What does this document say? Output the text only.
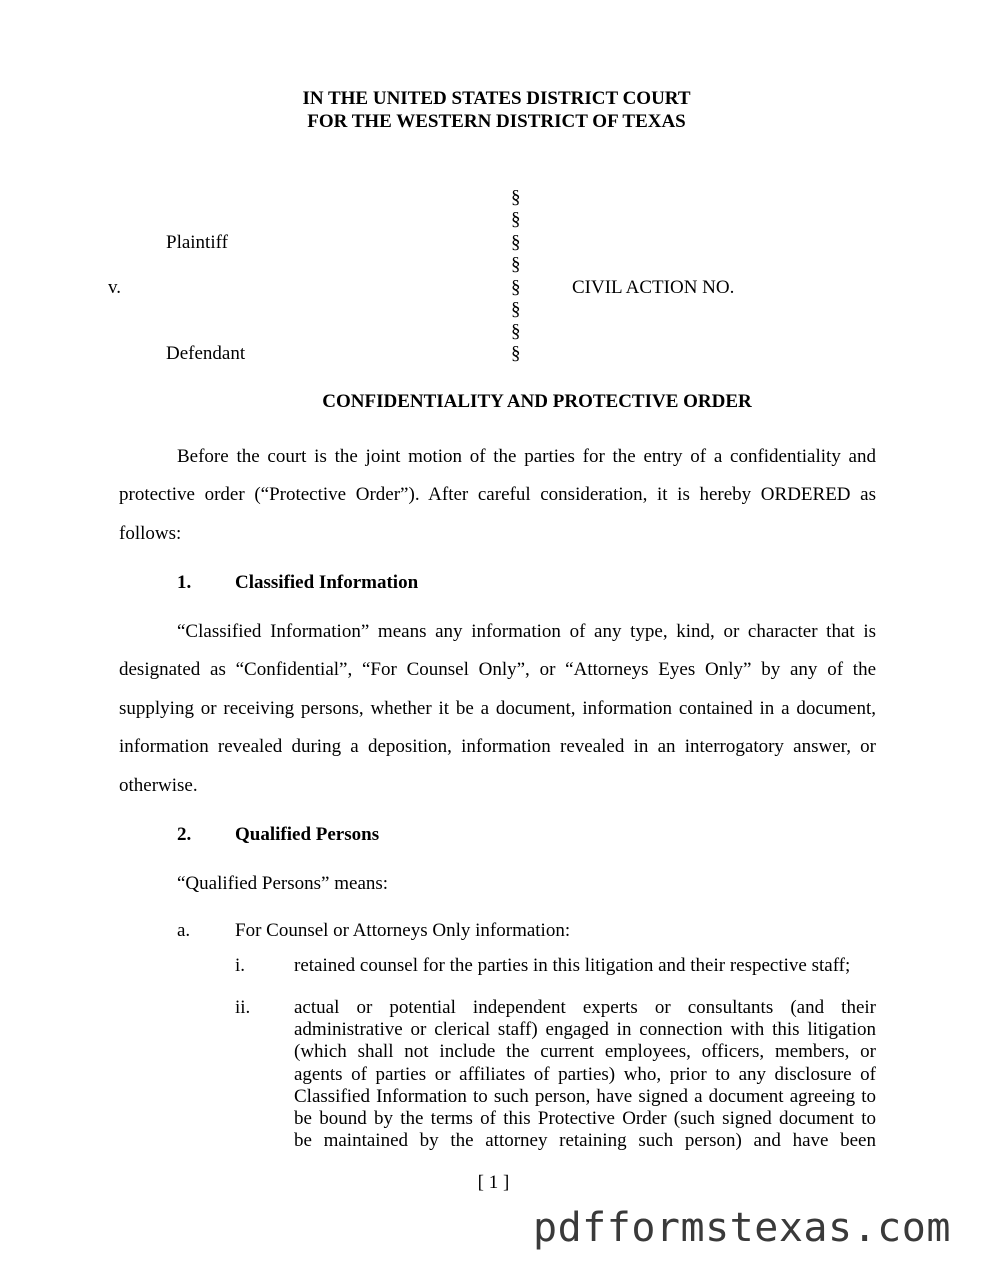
IN THE UNITED STATES DISTRICT COURT
FOR THE WESTERN DISTRICT OF TEXAS
Plaintiff
v.
Defendant
CIVIL ACTION NO.
§
§
§
§
§
§
§
§
CONFIDENTIALITY AND PROTECTIVE ORDER
Before the court is the joint motion of the parties for the entry of a confidentiality and
protective order (“Protective Order”). After careful consideration, it is hereby ORDERED as
follows:
1. Classified Information
“Classified Information” means any information of any type, kind, or character that is
designated as “Confidential”, “For Counsel Only”, or “Attorneys Eyes Only” by any of the
supplying or receiving persons, whether it be a document, information contained in a document,
information revealed during a deposition, information revealed in an interrogatory answer, or
otherwise.
2. Qualified Persons
“Qualified Persons” means:
a. For Counsel or Attorneys Only information:
i.	retained counsel for the parties in this litigation and their respective staff;
ii. actual or potential independent experts or consultants (and their
administrative or clerical staff) engaged in connection with this litigation
(which shall not include the current employees, officers, members, or
agents of parties or affiliates of parties) who, prior to any disclosure of
Classified Information to such person, have signed a document agreeing to
be bound by the terms of this Protective Order (such signed document to
be maintained by the attorney retaining such person) and have been
[ 1 ]
pdfformstexas.com
